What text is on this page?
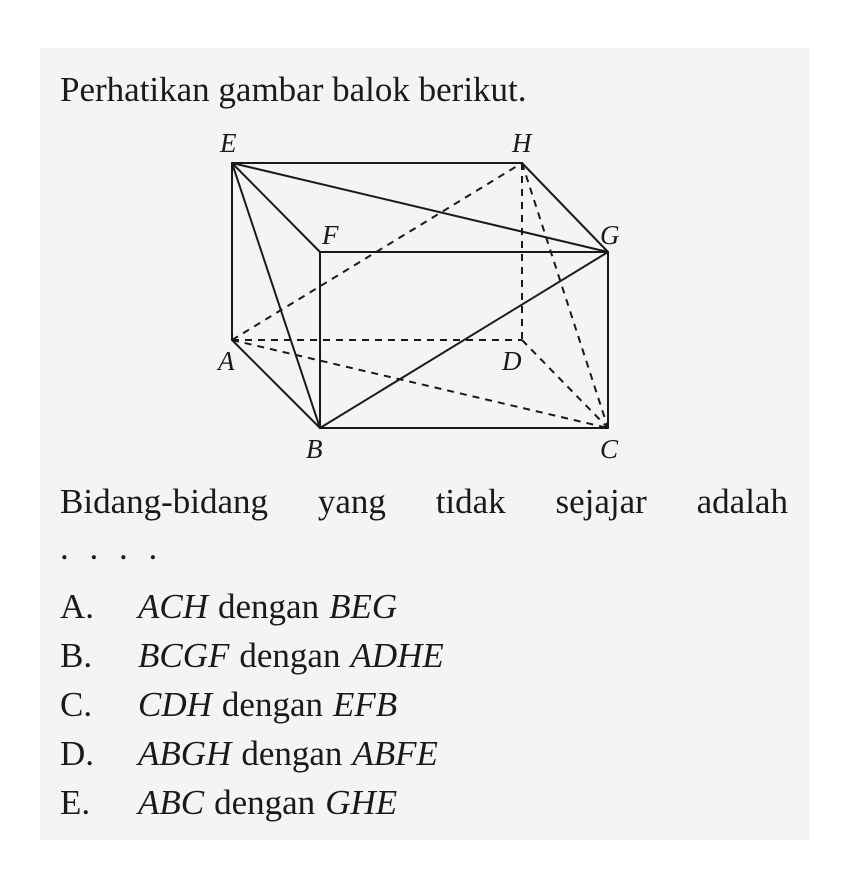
Perhatikan gambar balok berikut.
E	H
F	G
A	D
B	C
Bidang-bidang yang tidak sejajar adalah
. . . .
A.	ACH dengan BEG
B.	BCGF dengan ADHE
C.	CDH dengan EFB
D.	ABGH dengan ABFE
E.	ABC dengan GHE
